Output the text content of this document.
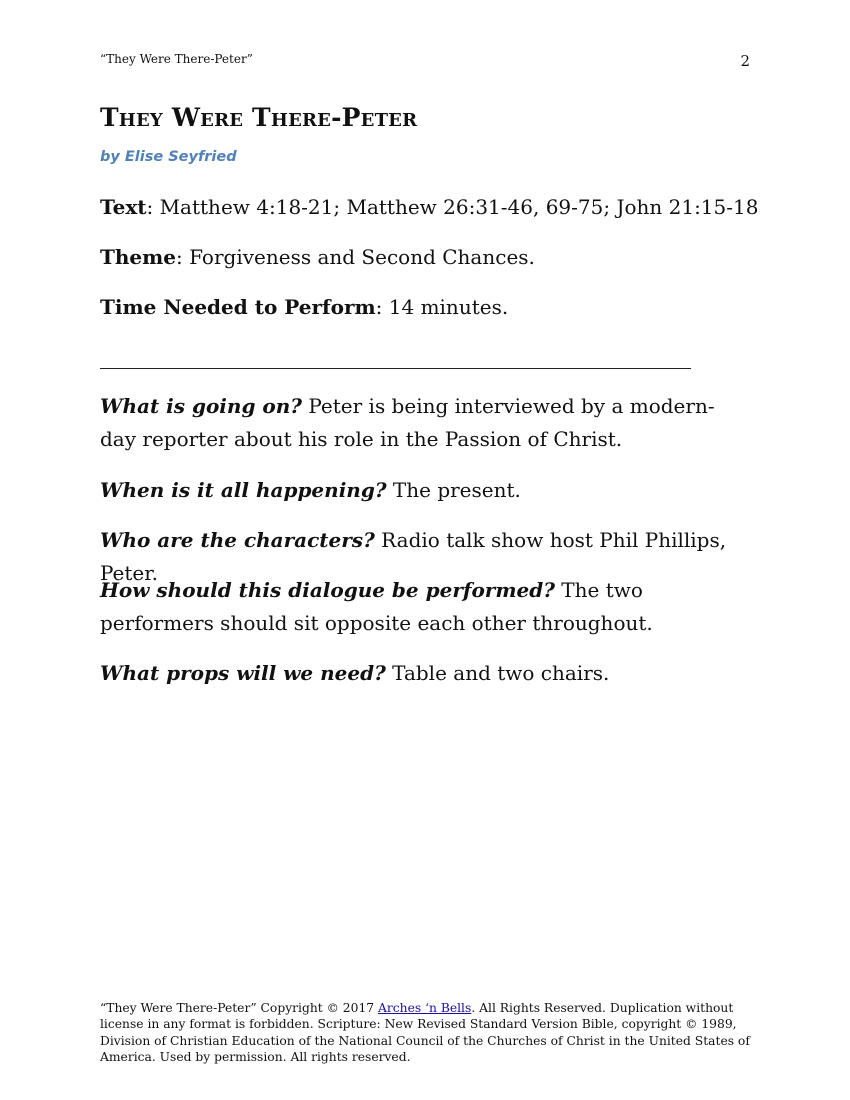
“They Were There-Peter”	2
They Were There-Peter
by Elise Seyfried

Text: Matthew 4:18-21; Matthew 26:31-46, 69-75; John 21:15-18

Theme: Forgiveness and Second Chances.

Time Needed to Perform: 14 minutes.

What is going on? Peter is being interviewed by a modern-day reporter about his role in the Passion of Christ.

When is it all happening? The present.

Who are the characters? Radio talk show host Phil Phillips, Peter.

How should this dialogue be performed? The two performers should sit opposite each other throughout.

What props will we need? Table and two chairs.

“They Were There-Peter” Copyright © 2017 Arches ‘n Bells. All Rights Reserved. Duplication without license in any format is forbidden. Scripture: New Revised Standard Version Bible, copyright © 1989, Division of Christian Education of the National Council of the Churches of Christ in the United States of America. Used by permission. All rights reserved.
